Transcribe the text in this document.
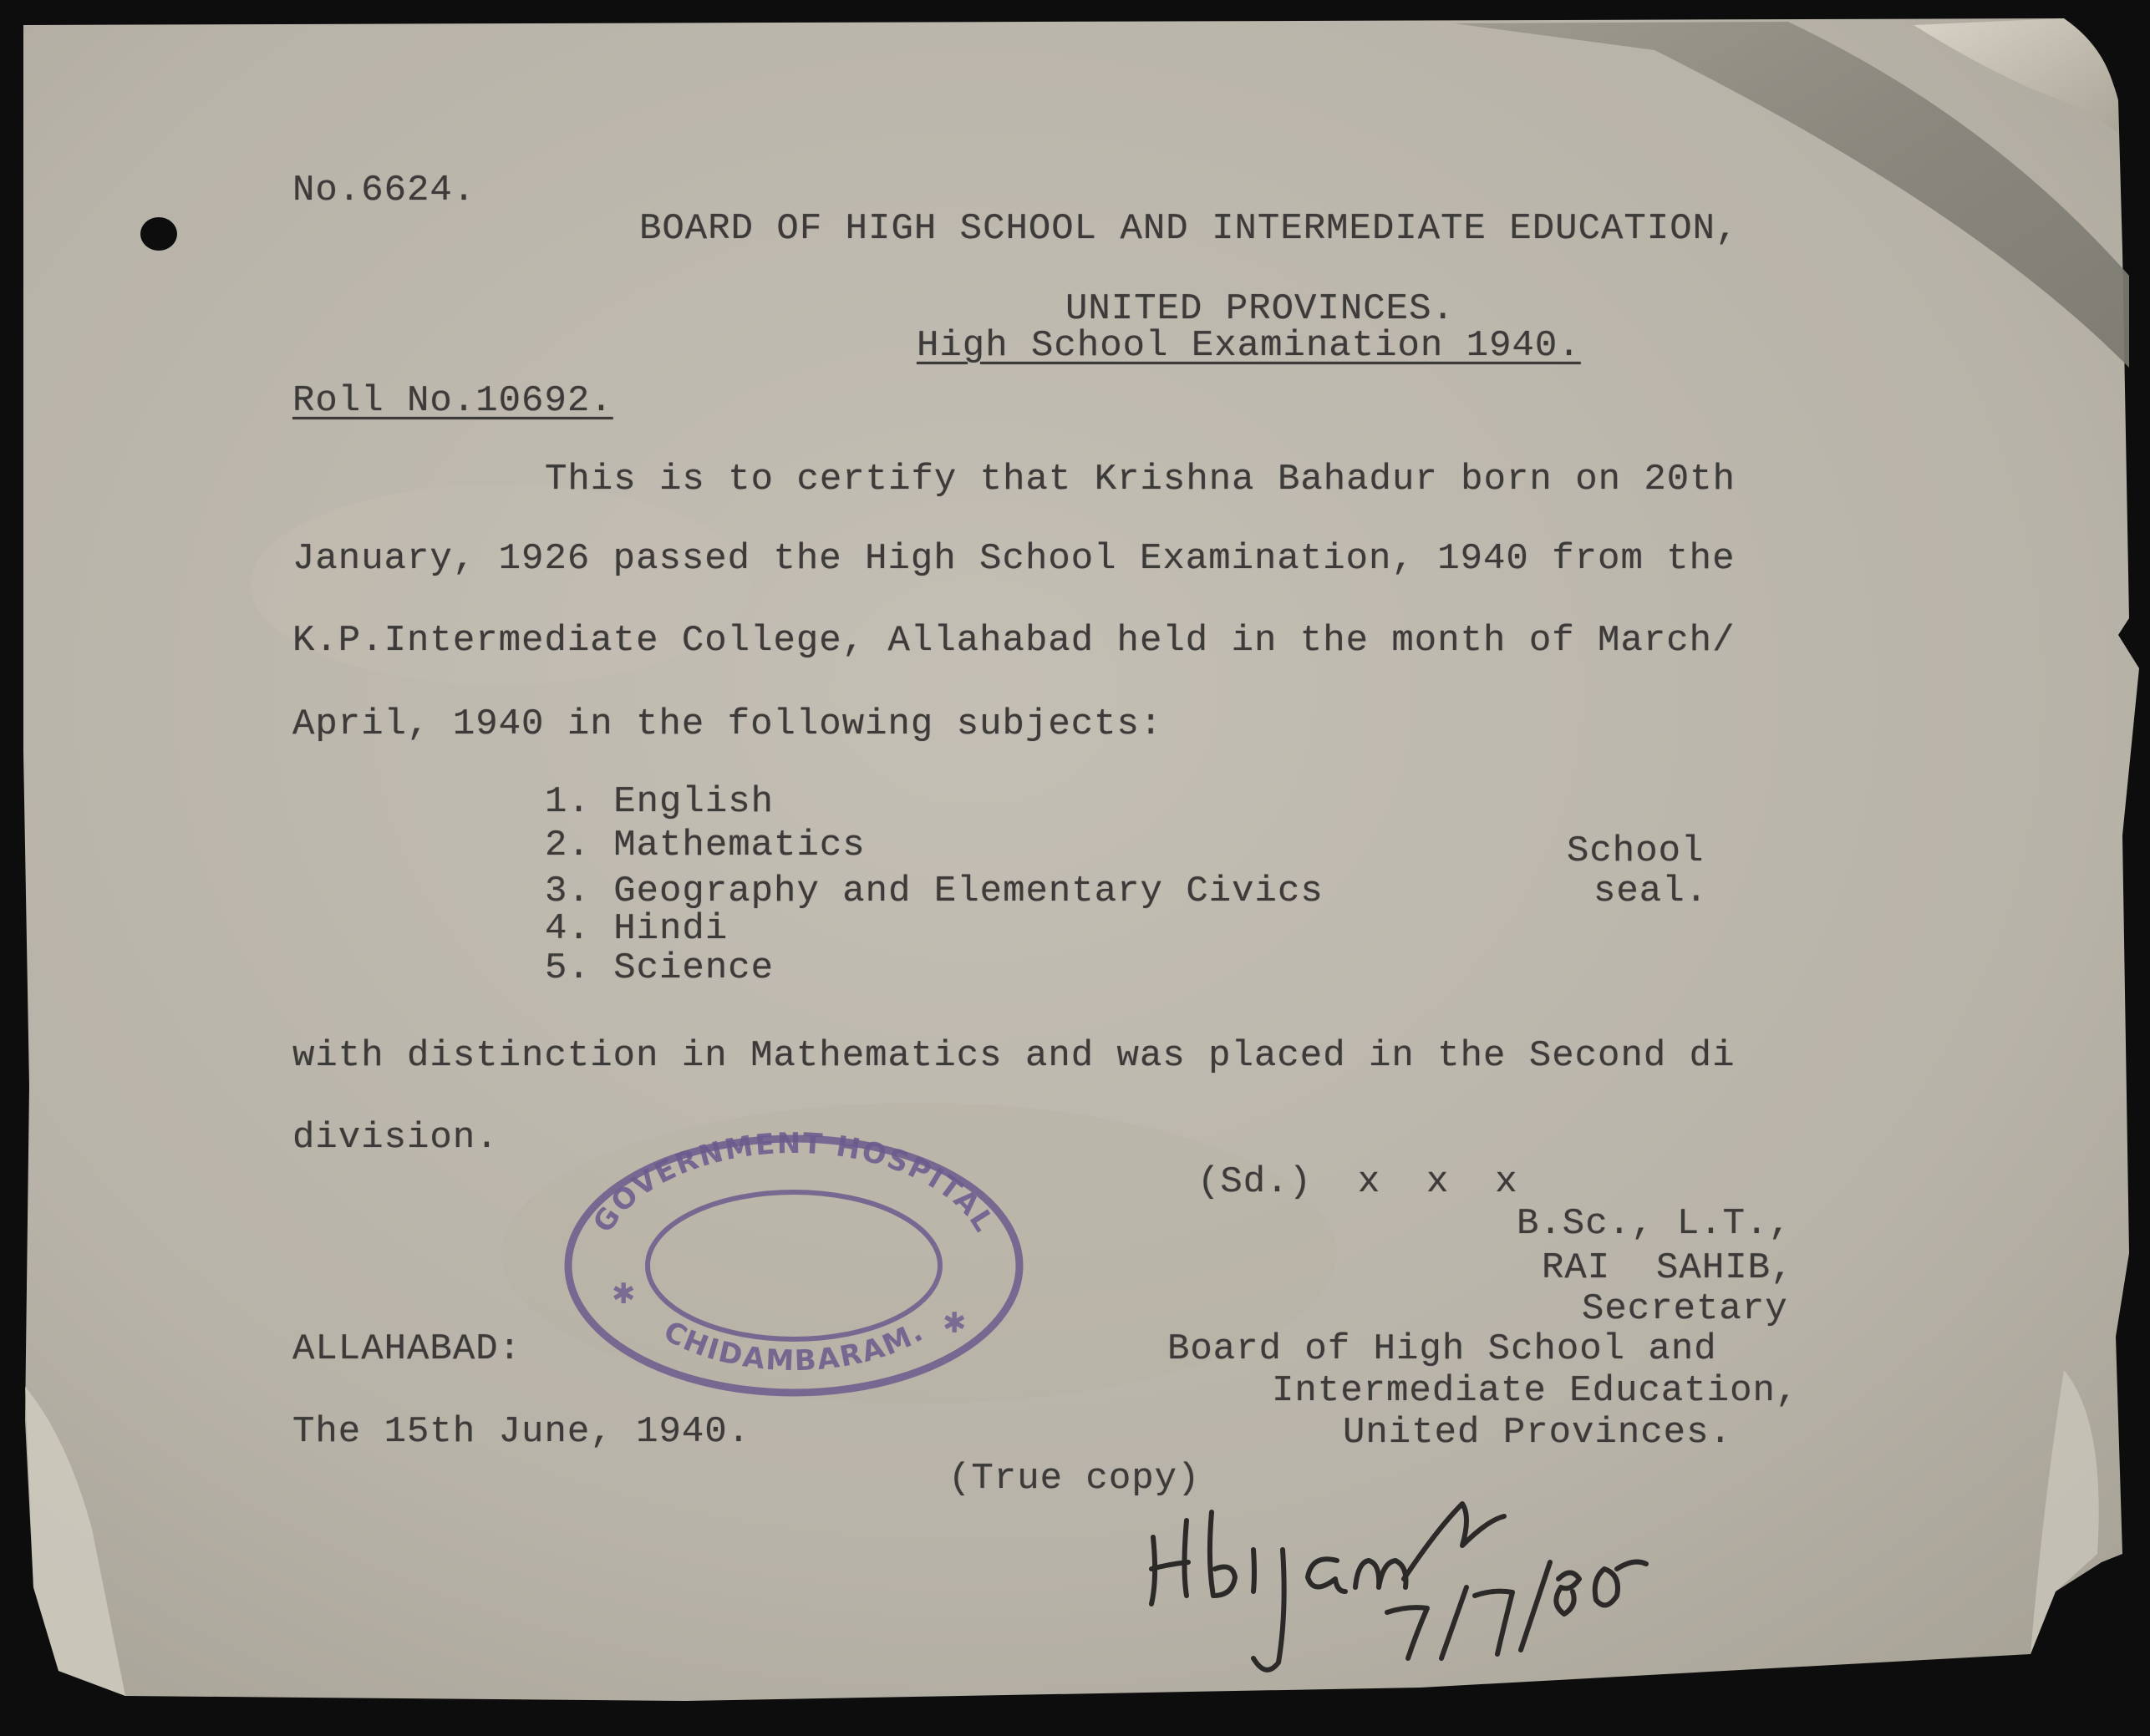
No.6624.
BOARD OF HIGH SCHOOL AND INTERMEDIATE EDUCATION,
UNITED PROVINCES.
High School Examination 1940.
Roll No.10692.
This is to certify that Krishna Bahadur born on 20th
January, 1926 passed the High School Examination, 1940 from the
K.P.Intermediate College, Allahabad held in the month of March/
April, 1940 in the following subjects:
1. English
2. Mathematics
3. Geography and Elementary Civics
4. Hindi
5. Science
School
seal.
with distinction in Mathematics and was placed in the Second di
division.
(Sd.)  x  x  x
B.Sc., L.T.,
RAI  SAHIB,
Secretary
Board of High School and
Intermediate Education,
United Provinces.
ALLAHABAD:
The 15th June, 1940.
(True copy)
GOVERNMENT HOSPITAL
CHIDAMBARAM.
✱
✱
